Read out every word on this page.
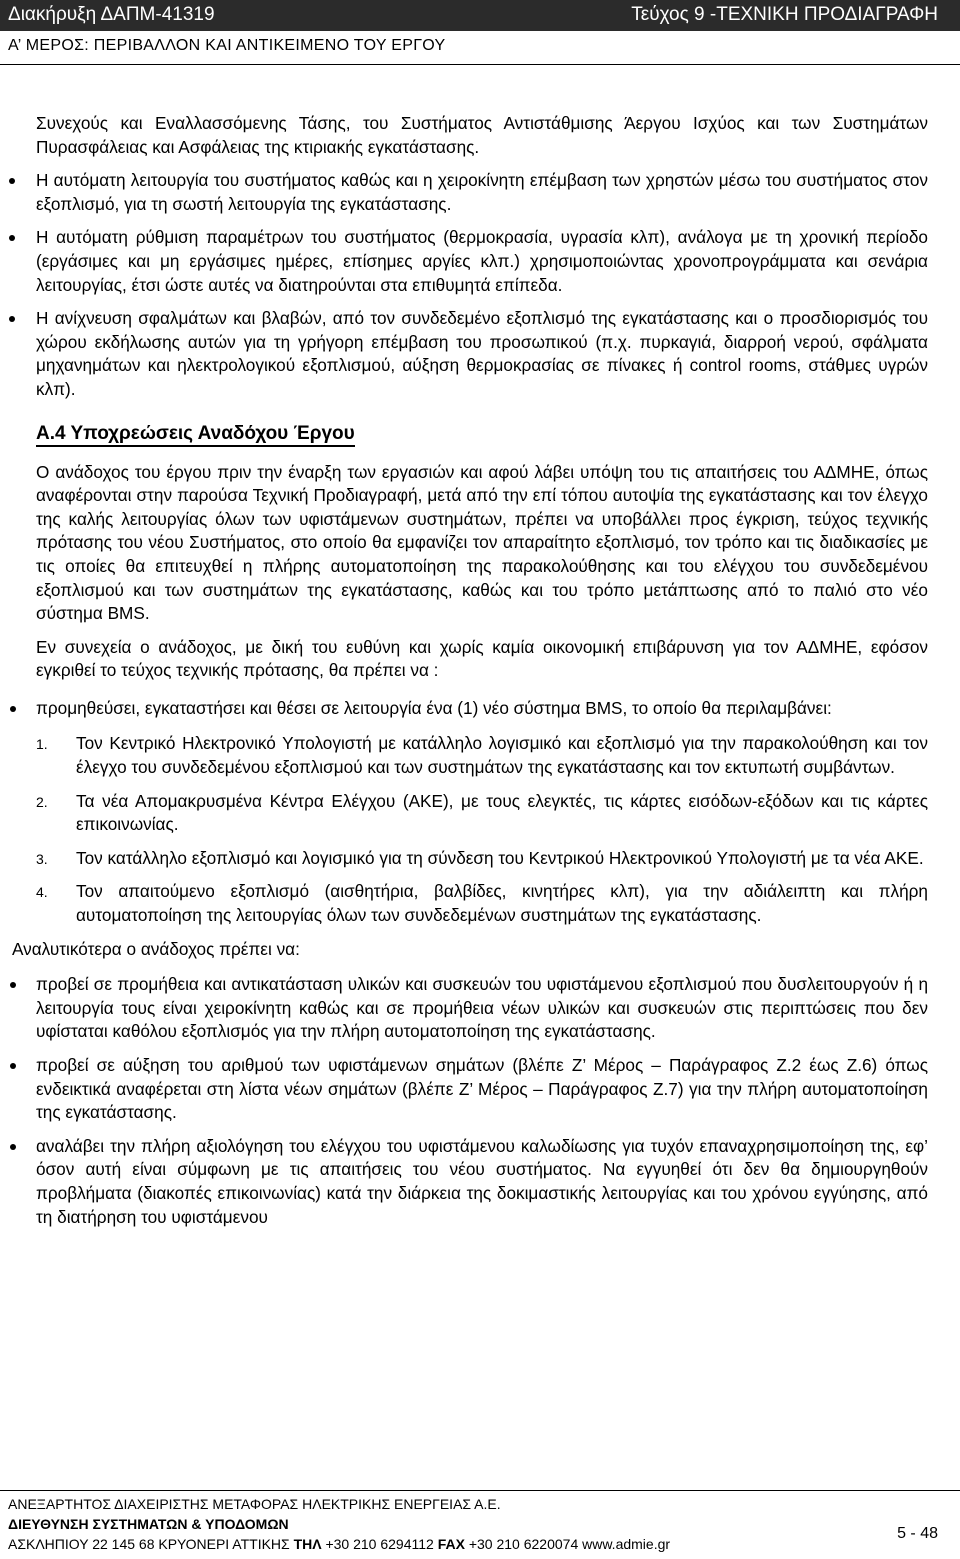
Διακήρυξη ΔΑΠΜ-41319	Τεύχος 9 -ΤΕΧΝΙΚΗ ΠΡΟΔΙΑΓΡΑΦΗ
Α’ ΜΕΡΟΣ: ΠΕΡΙΒΑΛΛΟΝ ΚΑΙ ΑΝΤΙΚΕΙΜΕΝΟ ΤΟΥ ΕΡΓΟΥ

Συνεχούς και Εναλλασσόμενης Τάσης, του Συστήματος Αντιστάθμισης Άεργου Ισχύος και των Συστημάτων Πυρασφάλειας και Ασφάλειας της κτιριακής εγκατάστασης.

Η αυτόματη λειτουργία του συστήματος καθώς και η χειροκίνητη επέμβαση των χρηστών μέσω του συστήματος στον εξοπλισμό, για τη σωστή λειτουργία της εγκατάστασης.
Η αυτόματη ρύθμιση παραμέτρων του συστήματος (θερμοκρασία, υγρασία κλπ), ανάλογα με τη χρονική περίοδο (εργάσιμες και μη εργάσιμες ημέρες, επίσημες αργίες κλπ.) χρησιμοποιώντας χρονοπρογράμματα και σενάρια λειτουργίας, έτσι ώστε αυτές να διατηρούνται στα επιθυμητά επίπεδα.
Η ανίχνευση σφαλμάτων και βλαβών, από τον συνδεδεμένο εξοπλισμό της εγκατάστασης και ο προσδιορισμός του χώρου εκδήλωσης αυτών για τη γρήγορη επέμβαση του προσωπικού (π.χ. πυρκαγιά, διαρροή νερού, σφάλματα μηχανημάτων και ηλεκτρολογικού εξοπλισμού, αύξηση θερμοκρασίας σε πίνακες ή control rooms, στάθμες υγρών κλπ).
Α.4 Υποχρεώσεις Αναδόχου Έργου

Ο ανάδοχος του έργου πριν την έναρξη των εργασιών και αφού λάβει υπόψη του τις απαιτήσεις του ΑΔΜΗΕ, όπως αναφέρονται στην παρούσα Τεχνική Προδιαγραφή, μετά από την επί τόπου αυτοψία της εγκατάστασης και τον έλεγχο της καλής λειτουργίας όλων των υφιστάμενων συστημάτων, πρέπει να υποβάλλει προς έγκριση, τεύχος τεχνικής πρότασης του νέου Συστήματος, στο οποίο θα εμφανίζει τον απαραίτητο εξοπλισμό, τον τρόπο και τις διαδικασίες με τις οποίες θα επιτευχθεί η πλήρης αυτοματοποίηση της παρακολούθησης και του ελέγχου του συνδεδεμένου εξοπλισμού και των συστημάτων της εγκατάστασης, καθώς και του τρόπο μετάπτωσης από το παλιό στο νέο σύστημα BMS.

Εν συνεχεία ο ανάδοχος, με δική του ευθύνη και χωρίς καμία οικονομική επιβάρυνση για τον ΑΔΜΗΕ, εφόσον εγκριθεί το τεύχος τεχνικής πρότασης, θα πρέπει να :

προμηθεύσει, εγκαταστήσει και θέσει σε λειτουργία ένα (1) νέο σύστημα BMS, το οποίο θα περιλαμβάνει:
1. Τον Κεντρικό Ηλεκτρονικό Υπολογιστή με κατάλληλο λογισμικό και εξοπλισμό για την παρακολούθηση και τον έλεγχο του συνδεδεμένου εξοπλισμού και των συστημάτων της εγκατάστασης και τον εκτυπωτή συμβάντων.
2. Τα νέα Απομακρυσμένα Κέντρα Ελέγχου (ΑΚΕ), με τους ελεγκτές, τις κάρτες εισόδων-εξόδων και τις κάρτες επικοινωνίας.
3. Τον κατάλληλο εξοπλισμό και λογισμικό για τη σύνδεση του Κεντρικού Ηλεκτρονικού Υπολογιστή με τα νέα ΑΚΕ.
4. Τον απαιτούμενο εξοπλισμό (αισθητήρια, βαλβίδες, κινητήρες κλπ), για την αδιάλειπτη και πλήρη αυτοματοποίηση της λειτουργίας όλων των συνδεδεμένων συστημάτων της εγκατάστασης.

Αναλυτικότερα ο ανάδοχος πρέπει να:

προβεί σε προμήθεια και αντικατάσταση υλικών και συσκευών του υφιστάμενου εξοπλισμού που δυσλειτουργούν ή η λειτουργία τους είναι χειροκίνητη καθώς και σε προμήθεια νέων υλικών και συσκευών στις περιπτώσεις που δεν υφίσταται καθόλου εξοπλισμός για την πλήρη αυτοματοποίηση της εγκατάστασης.
προβεί σε αύξηση του αριθμού των υφιστάμενων σημάτων (βλέπε Ζ’ Μέρος – Παράγραφος Ζ.2 έως Ζ.6) όπως ενδεικτικά αναφέρεται στη λίστα νέων σημάτων (βλέπε Ζ’ Μέρος – Παράγραφος Ζ.7) για την πλήρη αυτοματοποίηση της εγκατάστασης.
αναλάβει την πλήρη αξιολόγηση του ελέγχου του υφιστάμενου καλωδίωσης για τυχόν επαναχρησιμοποίηση της, εφ’ όσον αυτή είναι σύμφωνη με τις απαιτήσεις του νέου συστήματος. Να εγγυηθεί ότι δεν θα δημιουργηθούν προβλήματα (διακοπές επικοινωνίας) κατά την διάρκεια της δοκιμαστικής λειτουργίας και του χρόνου εγγύησης, από τη διατήρηση του υφιστάμενου
ΑΝΕΞΑΡΤΗΤΟΣ ΔΙΑΧΕΙΡΙΣΤΗΣ ΜΕΤΑΦΟΡΑΣ ΗΛΕΚΤΡΙΚΗΣ ΕΝΕΡΓΕΙΑΣ Α.Ε.
ΔΙΕΥΘΥΝΣΗ ΣΥΣΤΗΜΑΤΩΝ & ΥΠΟΔΟΜΩΝ
ΑΣΚΛΗΠΙΟΥ 22 145 68 ΚΡΥΟΝΕΡΙ ΑΤΤΙΚΗΣ ΤΗΛ +30 210 6294112 FAX +30 210 6220074 www.admie.gr
5 - 48
